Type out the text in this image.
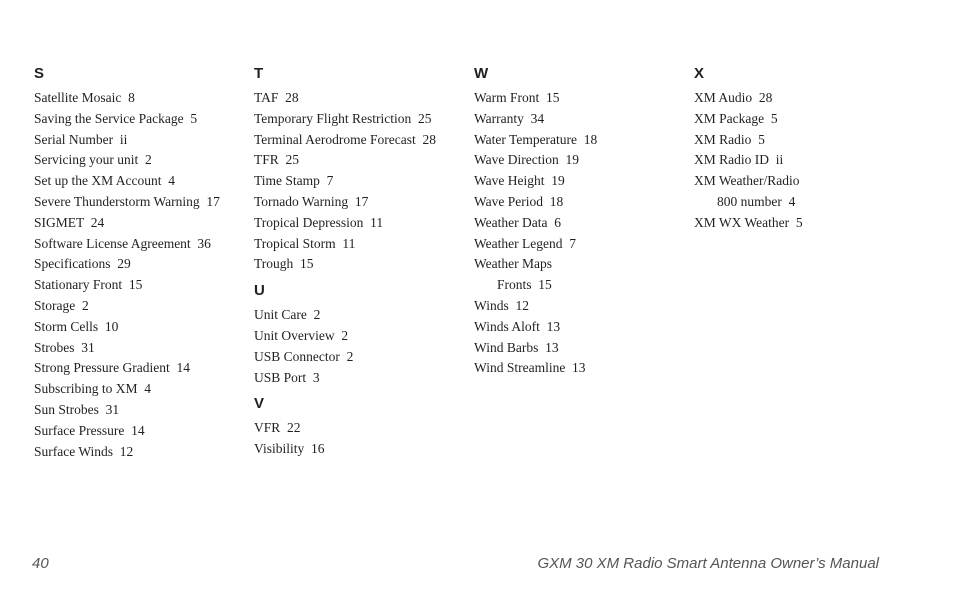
S
Satellite Mosaic  8
Saving the Service Package  5
Serial Number  ii
Servicing your unit  2
Set up the XM Account  4
Severe Thunderstorm Warning  17
SIGMET  24
Software License Agreement  36
Specifications  29
Stationary Front  15
Storage  2
Storm Cells  10
Strobes  31
Strong Pressure Gradient  14
Subscribing to XM  4
Sun Strobes  31
Surface Pressure  14
Surface Winds  12
T
TAF  28
Temporary Flight Restriction  25
Terminal Aerodrome Forecast  28
TFR  25
Time Stamp  7
Tornado Warning  17
Tropical Depression  11
Tropical Storm  11
Trough  15
U
Unit Care  2
Unit Overview  2
USB Connector  2
USB Port  3
V
VFR  22
Visibility  16
W
Warm Front  15
Warranty  34
Water Temperature  18
Wave Direction  19
Wave Height  19
Wave Period  18
Weather Data  6
Weather Legend  7
Weather Maps
Fronts  15
Winds  12
Winds Aloft  13
Wind Barbs  13
Wind Streamline  13
X
XM Audio  28
XM Package  5
XM Radio  5
XM Radio ID  ii
XM Weather/Radio
800 number  4
XM WX Weather  5
40	GXM 30 XM Radio Smart Antenna Owner’s Manual
